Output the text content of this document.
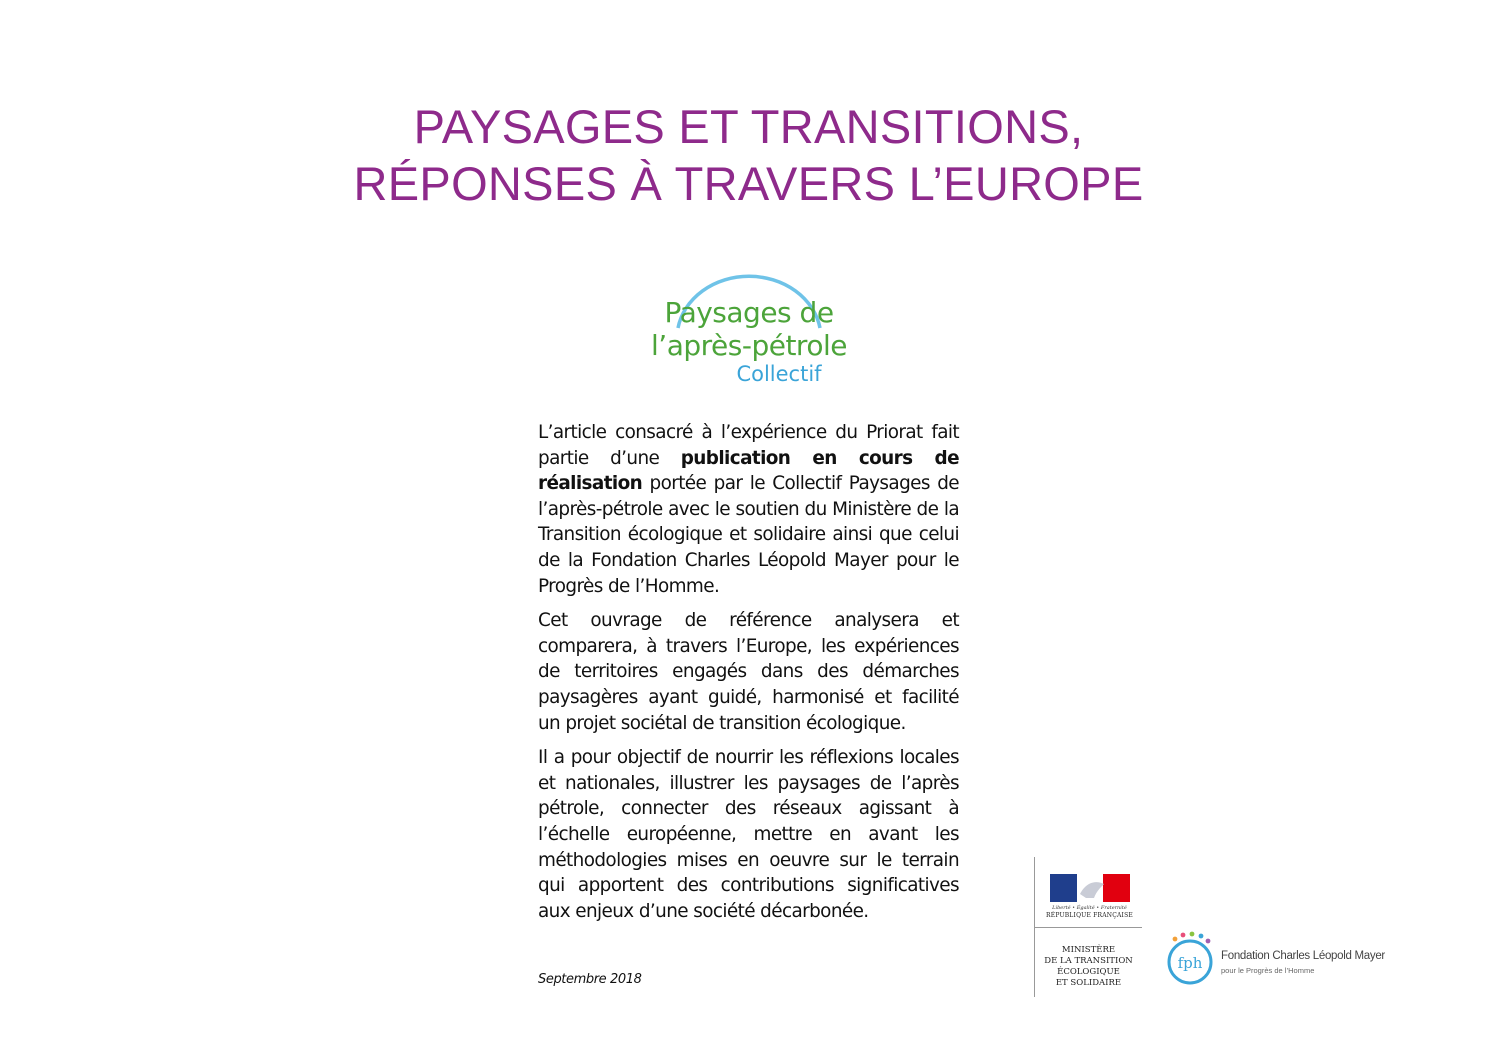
PAYSAGES ET TRANSITIONS,
RÉPONSES À TRAVERS L’EUROPE
Paysages de
l’après-pétrole
Collectif

L’article consacré à l’expérience du Priorat fait partie d’une publication en cours de réalisation portée par le Collectif Paysages de l’après-pétrole avec le soutien du Ministère de la Transition écologique et solidaire ainsi que celui de la Fondation Charles Léopold Mayer pour le Progrès de l’Homme.

Cet ouvrage de référence analysera et comparera, à travers l’Europe, les expériences de territoires engagés dans des démarches paysagères ayant guidé, harmonisé et facilité un projet sociétal de transition écologique.

Il a pour objectif de nourrir les réflexions locales et nationales, illustrer les paysages de l’après pétrole, connecter des réseaux agissant à l’échelle européenne, mettre en avant les méthodologies mises en oeuvre sur le terrain qui apportent des contributions significatives aux enjeux d’une société décarbonée.

Septembre 2018
Liberté • Égalité • Fraternité
RÉPUBLIQUE FRANÇAISE
MINISTÈRE
DE LA TRANSITION
ÉCOLOGIQUE
ET SOLIDAIRE
fph Fondation Charles Léopold Mayer
pour le Progrès de l’Homme
